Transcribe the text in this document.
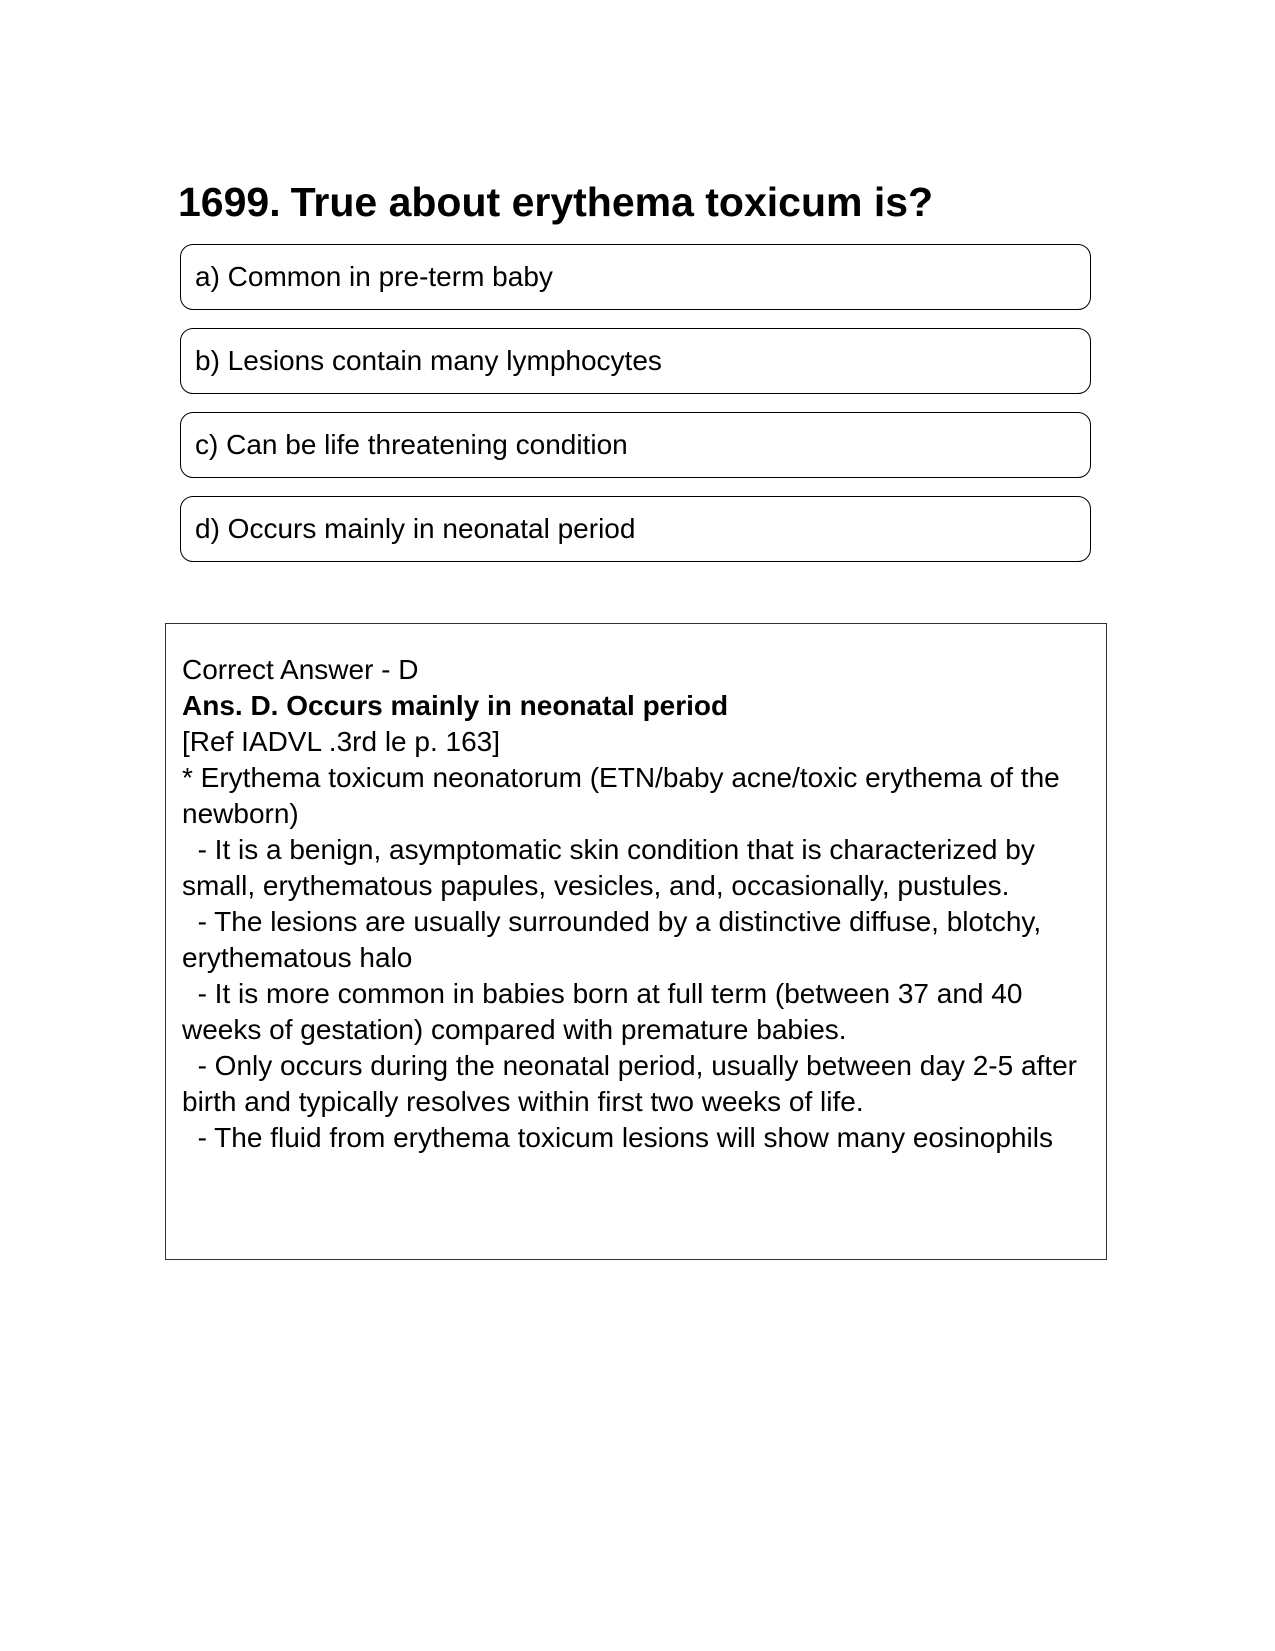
1699. True about erythema toxicum is?
a) Common in pre-term baby
b) Lesions contain many lymphocytes
c) Can be life threatening condition
d) Occurs mainly in neonatal period
Correct Answer - D
Ans. D. Occurs mainly in neonatal period
[Ref IADVL .3rd le p. 163]
* Erythema toxicum neonatorum (ETN/baby acne/toxic erythema of the newborn)
- It is a benign, asymptomatic skin condition that is characterized by small, erythematous papules, vesicles, and, occasionally, pustules.
- The lesions are usually surrounded by a distinctive diffuse, blotchy, erythematous halo
- It is more common in babies born at full term (between 37 and 40 weeks of gestation) compared with premature babies.
- Only occurs during the neonatal period, usually between day 2-5 after birth and typically resolves within first two weeks of life.
- The fluid from erythema toxicum lesions will show many eosinophils
